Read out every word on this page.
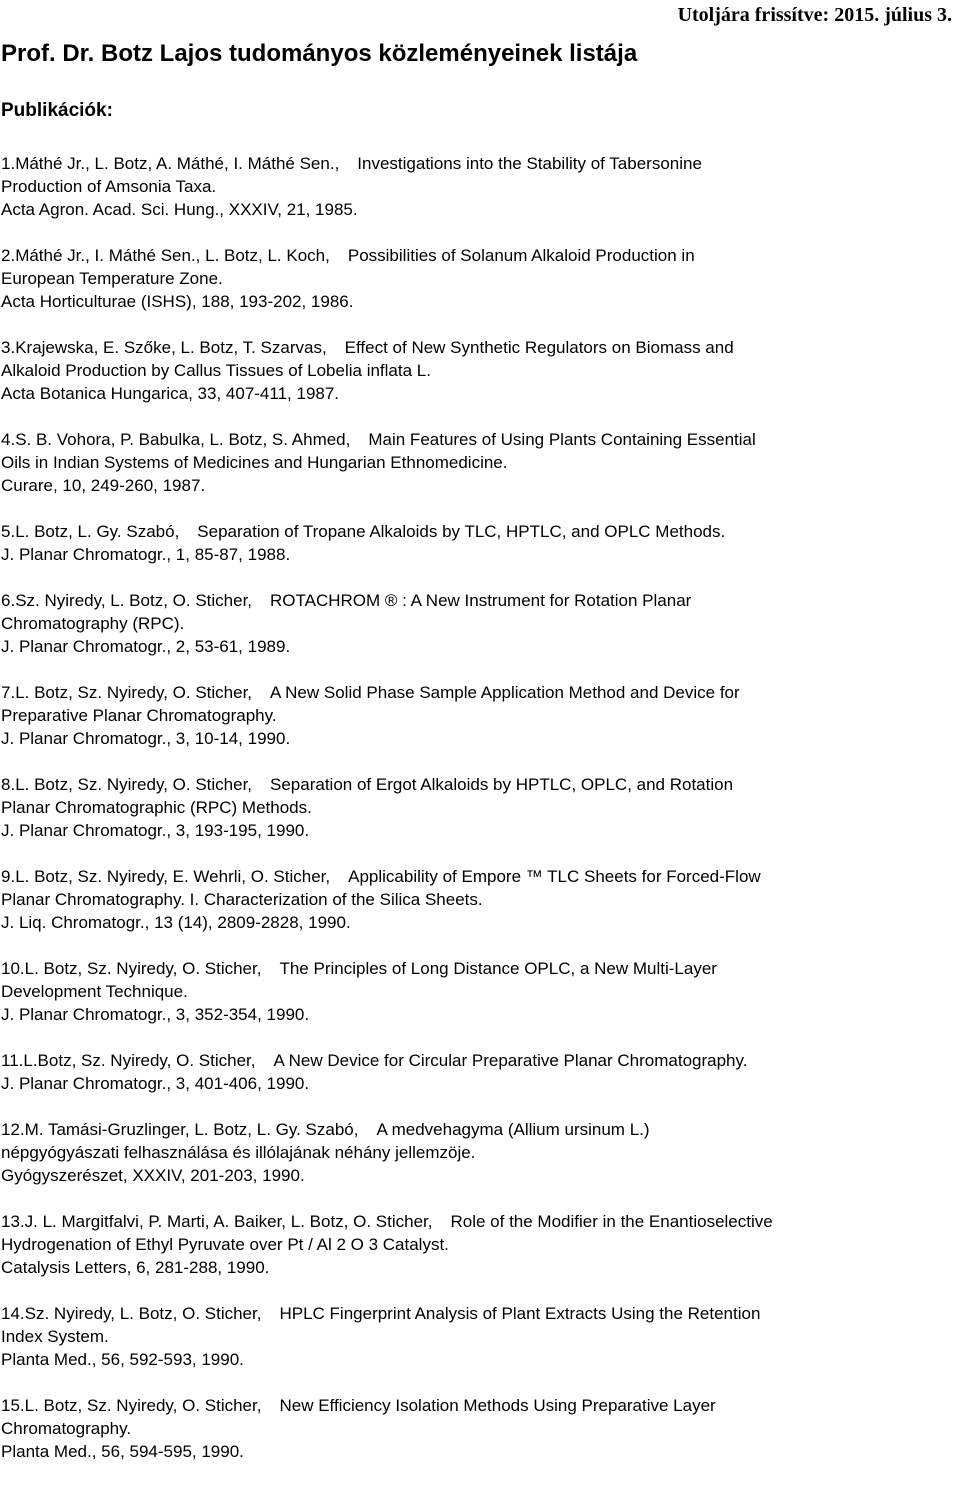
Utoljára frissítve: 2015. július 3.
Prof. Dr. Botz Lajos tudományos közleményeinek listája
Publikációk:
1.Máthé Jr., L. Botz, A. Máthé, I. Máthé Sen., Investigations into the Stability of Tabersonine
Production of Amsonia Taxa.
Acta Agron. Acad. Sci. Hung., XXXIV, 21, 1985.
2.Máthé Jr., I. Máthé Sen., L. Botz, L. Koch, Possibilities of Solanum Alkaloid Production in
European Temperature Zone.
Acta Horticulturae (ISHS), 188, 193-202, 1986.
3.Krajewska, E. Szőke, L. Botz, T. Szarvas, Effect of New Synthetic Regulators on Biomass and
Alkaloid Production by Callus Tissues of Lobelia inflata L.
Acta Botanica Hungarica, 33, 407-411, 1987.
4.S. B. Vohora, P. Babulka, L. Botz, S. Ahmed, Main Features of Using Plants Containing Essential
Oils in Indian Systems of Medicines and Hungarian Ethnomedicine.
Curare, 10, 249-260, 1987.
5.L. Botz, L. Gy. Szabó, Separation of Tropane Alkaloids by TLC, HPTLC, and OPLC Methods.
J. Planar Chromatogr., 1, 85-87, 1988.
6.Sz. Nyiredy, L. Botz, O. Sticher, ROTACHROM ® : A New Instrument for Rotation Planar
Chromatography (RPC).
J. Planar Chromatogr., 2, 53-61, 1989.
7.L. Botz, Sz. Nyiredy, O. Sticher, A New Solid Phase Sample Application Method and Device for
Preparative Planar Chromatography.
J. Planar Chromatogr., 3, 10-14, 1990.
8.L. Botz, Sz. Nyiredy, O. Sticher, Separation of Ergot Alkaloids by HPTLC, OPLC, and Rotation
Planar Chromatographic (RPC) Methods.
J. Planar Chromatogr., 3, 193-195, 1990.
9.L. Botz, Sz. Nyiredy, E. Wehrli, O. Sticher, Applicability of Empore ™ TLC Sheets for Forced-Flow
Planar Chromatography. I. Characterization of the Silica Sheets.
J. Liq. Chromatogr., 13 (14), 2809-2828, 1990.
10.L. Botz, Sz. Nyiredy, O. Sticher, The Principles of Long Distance OPLC, a New Multi-Layer
Development Technique.
J. Planar Chromatogr., 3, 352-354, 1990.
11.L.Botz, Sz. Nyiredy, O. Sticher, A New Device for Circular Preparative Planar Chromatography.
J. Planar Chromatogr., 3, 401-406, 1990.
12.M. Tamási-Gruzlinger, L. Botz, L. Gy. Szabó, A medvehagyma (Allium ursinum L.)
népgyógyászati felhasználása és illólajának néhány jellemzöje.
Gyógyszerészet, XXXIV, 201-203, 1990.
13.J. L. Margitfalvi, P. Marti, A. Baiker, L. Botz, O. Sticher, Role of the Modifier in the Enantioselective
Hydrogenation of Ethyl Pyruvate over Pt / Al 2 O 3 Catalyst.
Catalysis Letters, 6, 281-288, 1990.
14.Sz. Nyiredy, L. Botz, O. Sticher, HPLC Fingerprint Analysis of Plant Extracts Using the Retention
Index System.
Planta Med., 56, 592-593, 1990.
15.L. Botz, Sz. Nyiredy, O. Sticher, New Efficiency Isolation Methods Using Preparative Layer
Chromatography.
Planta Med., 56, 594-595, 1990.
